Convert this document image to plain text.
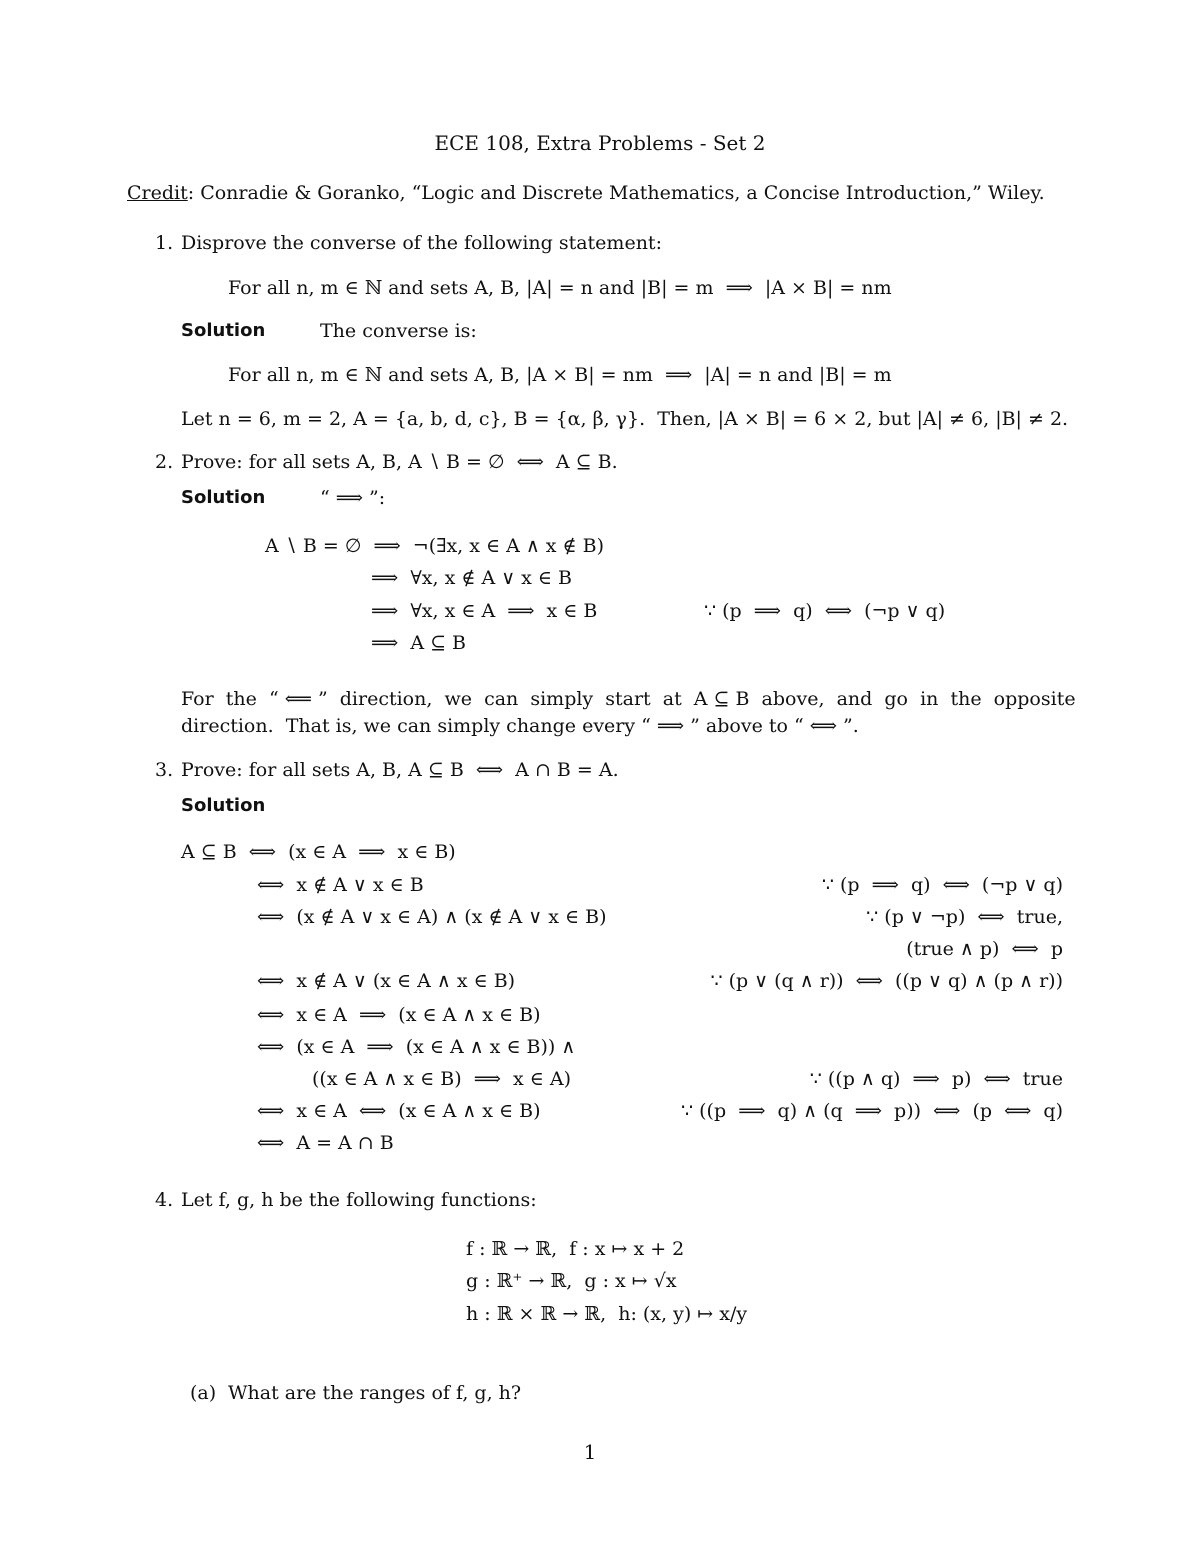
ECE 108, Extra Problems - Set 2
Credit: Conradie & Goranko, “Logic and Discrete Mathematics, a Concise Introduction,” Wiley.
1. Disprove the converse of the following statement:
For all n, m ∈ ℕ and sets A, B, |A| = n and |B| = m  ⟹  |A × B| = nm
Solution	The converse is:
For all n, m ∈ ℕ and sets A, B, |A × B| = nm  ⟹  |A| = n and |B| = m
Let n = 6, m = 2, A = {a, b, d, c}, B = {α, β, γ}.  Then, |A × B| = 6 × 2, but |A| ≠ 6, |B| ≠ 2.
2. Prove: for all sets A, B, A ∖ B = ∅  ⟺  A ⊆ B.
Solution	“ ⟹ ”:
A ∖ B = ∅  ⟹  ¬(∃x, x ∈ A ∧ x ∉ B)
⟹  ∀x, x ∉ A ∨ x ∈ B
⟹  ∀x, x ∈ A  ⟹  x ∈ B	∵ (p  ⟹  q)  ⟺  (¬p ∨ q)
⟹  A ⊆ B
For  the  “ ⟸ ”  direction,  we  can  simply  start  at  A ⊆ B  above,  and  go  in  the  opposite
direction.  That is, we can simply change every “ ⟹ ” above to “ ⟺ ”.
3. Prove: for all sets A, B, A ⊆ B  ⟺  A ∩ B = A.
Solution
A ⊆ B  ⟺  (x ∈ A  ⟹  x ∈ B)
⟺  x ∉ A ∨ x ∈ B	∵ (p  ⟹  q)  ⟺  (¬p ∨ q)
⟺  (x ∉ A ∨ x ∈ A) ∧ (x ∉ A ∨ x ∈ B)	∵ (p ∨ ¬p)  ⟺  true,
(true ∧ p)  ⟺  p
⟺  x ∉ A ∨ (x ∈ A ∧ x ∈ B)	∵ (p ∨ (q ∧ r))  ⟺  ((p ∨ q) ∧ (p ∧ r))
⟺  x ∈ A  ⟹  (x ∈ A ∧ x ∈ B)
⟺  (x ∈ A  ⟹  (x ∈ A ∧ x ∈ B)) ∧
((x ∈ A ∧ x ∈ B)  ⟹  x ∈ A)	∵ ((p ∧ q)  ⟹  p)  ⟺  true
⟺  x ∈ A  ⟺  (x ∈ A ∧ x ∈ B)	∵ ((p  ⟹  q) ∧ (q  ⟹  p))  ⟺  (p  ⟺  q)
⟺  A = A ∩ B
4. Let f, g, h be the following functions:
f : ℝ → ℝ,  f : x ↦ x + 2
g : ℝ⁺ → ℝ,  g : x ↦ √x
h : ℝ × ℝ → ℝ,  h: (x, y) ↦ x/y
(a) What are the ranges of f, g, h?
1
